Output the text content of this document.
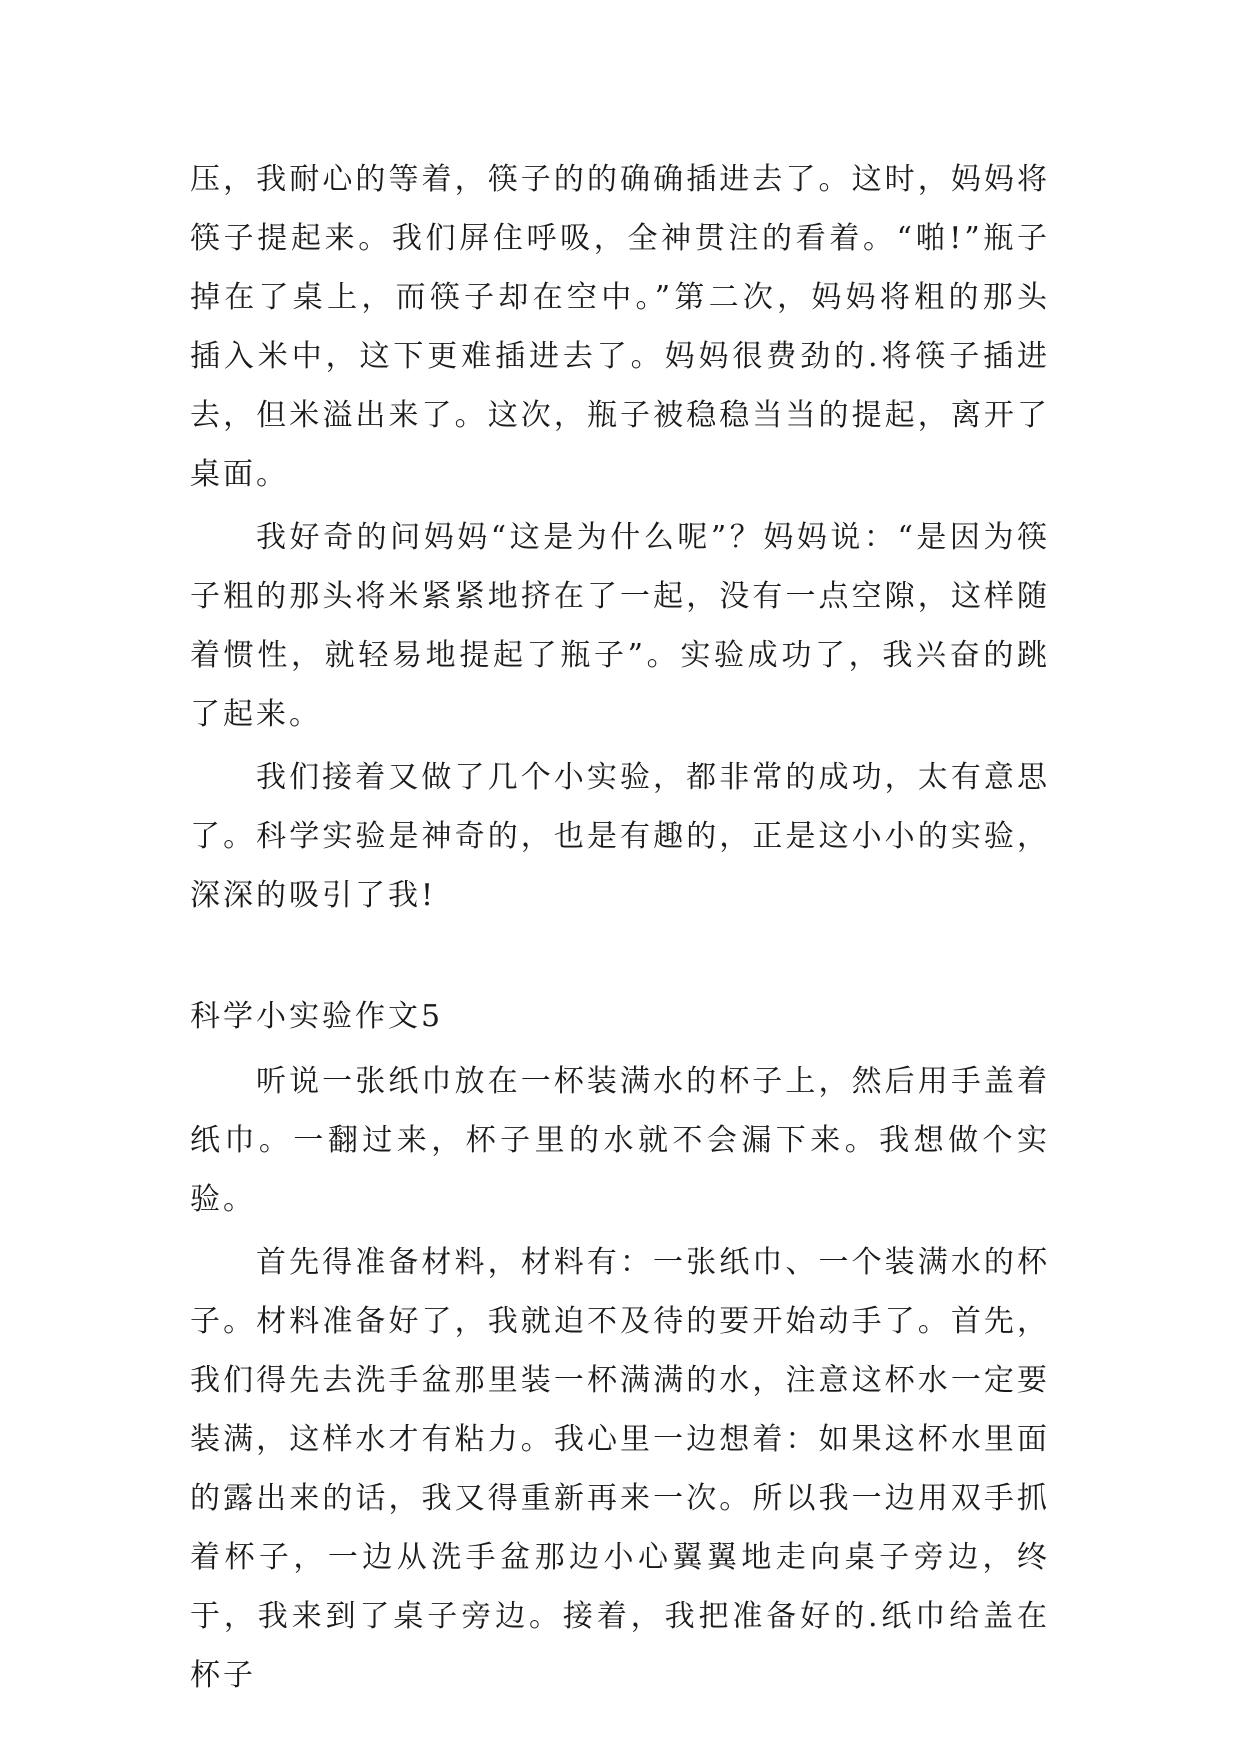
压，我耐心的等着，筷子的的确确插进去了。这时，妈妈将筷子提起来。我们屏住呼吸，全神贯注的看着。“啪!”瓶子掉在了桌上，而筷子却在空中。”第二次，妈妈将粗的那头插入米中，这下更难插进去了。妈妈很费劲的.将筷子插进去，但米溢出来了。这次，瓶子被稳稳当当的提起，离开了桌面。

我好奇的问妈妈“这是为什么呢”？妈妈说：“是因为筷子粗的那头将米紧紧地挤在了一起，没有一点空隙，这样随着惯性，就轻易地提起了瓶子”。实验成功了，我兴奋的跳了起来。

我们接着又做了几个小实验，都非常的成功，太有意思了。科学实验是神奇的，也是有趣的，正是这小小的实验，深深的吸引了我!

科学小实验作文5

听说一张纸巾放在一杯装满水的杯子上，然后用手盖着纸巾。一翻过来，杯子里的水就不会漏下来。我想做个实验。

首先得准备材料，材料有：一张纸巾、一个装满水的杯子。材料准备好了，我就迫不及待的要开始动手了。首先，我们得先去洗手盆那里装一杯满满的水，注意这杯水一定要装满，这样水才有粘力。我心里一边想着：如果这杯水里面的露出来的话，我又得重新再来一次。所以我一边用双手抓着杯子，一边从洗手盆那边小心翼翼地走向桌子旁边，终于，我来到了桌子旁边。接着，我把准备好的.纸巾给盖在杯子
